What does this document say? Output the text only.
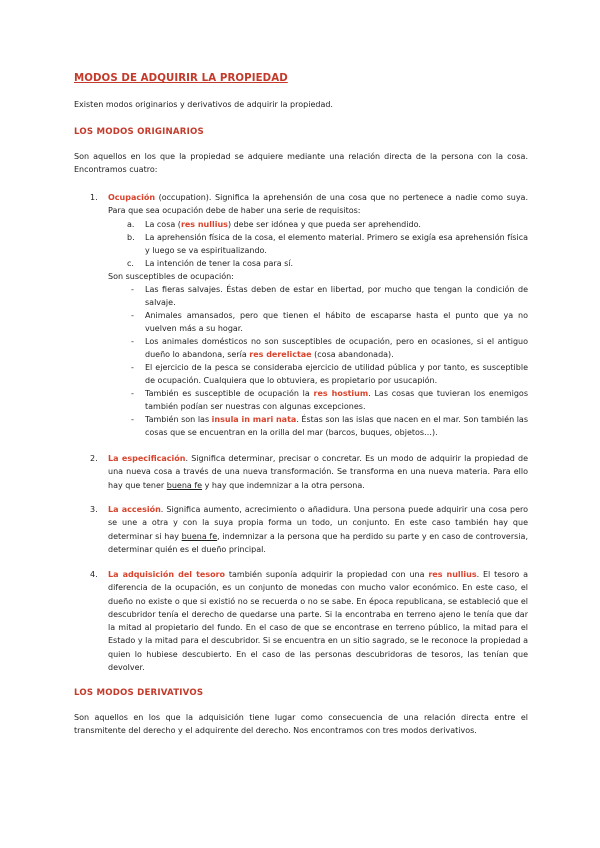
MODOS DE ADQUIRIR LA PROPIEDAD
Existen modos originarios y derivativos de adquirir la propiedad.
LOS MODOS ORIGINARIOS
Son aquellos en los que la propiedad se adquiere mediante una relación directa de la persona con la cosa. Encontramos cuatro:
1. Ocupación (occupation). Significa la aprehensión de una cosa que no pertenece a nadie como suya. Para que sea ocupación debe de haber una serie de requisitos:
a. La cosa (res nullius) debe ser idónea y que pueda ser aprehendido.
b. La aprehensión física de la cosa, el elemento material. Primero se exigía esa aprehensión física y luego se va espiritualizando.
c. La intención de tener la cosa para sí.
Son susceptibles de ocupación:
- Las fieras salvajes. Éstas deben de estar en libertad, por mucho que tengan la condición de salvaje.
- Animales amansados, pero que tienen el hábito de escaparse hasta el punto que ya no vuelven más a su hogar.
- Los animales domésticos no son susceptibles de ocupación, pero en ocasiones, si el antiguo dueño lo abandona, sería res derelictae (cosa abandonada).
- El ejercicio de la pesca se consideraba ejercicio de utilidad pública y por tanto, es susceptible de ocupación. Cualquiera que lo obtuviera, es propietario por usucapión.
- También es susceptible de ocupación la res hostium. Las cosas que tuvieran los enemigos también podían ser nuestras con algunas excepciones.
- También son las insula in mari nata. Éstas son las islas que nacen en el mar. Son también las cosas que se encuentran en la orilla del mar (barcos, buques, objetos…).
2. La especificación. Significa determinar, precisar o concretar. Es un modo de adquirir la propiedad de una nueva cosa a través de una nueva transformación. Se transforma en una nueva materia. Para ello hay que tener buena fe y hay que indemnizar a la otra persona.
3. La accesión. Significa aumento, acrecimiento o añadidura. Una persona puede adquirir una cosa pero se une a otra y con la suya propia forma un todo, un conjunto. En este caso también hay que determinar si hay buena fe, indemnizar a la persona que ha perdido su parte y en caso de controversia, determinar quién es el dueño principal.
4. La adquisición del tesoro también suponía adquirir la propiedad con una res nullius. El tesoro a diferencia de la ocupación, es un conjunto de monedas con mucho valor económico. En este caso, el dueño no existe o que si existió no se recuerda o no se sabe. En época republicana, se estableció que el descubridor tenía el derecho de quedarse una parte. Si la encontraba en terreno ajeno le tenía que dar la mitad al propietario del fundo. En el caso de que se encontrase en terreno público, la mitad para el Estado y la mitad para el descubridor. Si se encuentra en un sitio sagrado, se le reconoce la propiedad a quien lo hubiese descubierto. En el caso de las personas descubridoras de tesoros, las tenían que devolver.
LOS MODOS DERIVATIVOS
Son aquellos en los que la adquisición tiene lugar como consecuencia de una relación directa entre el transmitente del derecho y el adquirente del derecho. Nos encontramos con tres modos derivativos.
